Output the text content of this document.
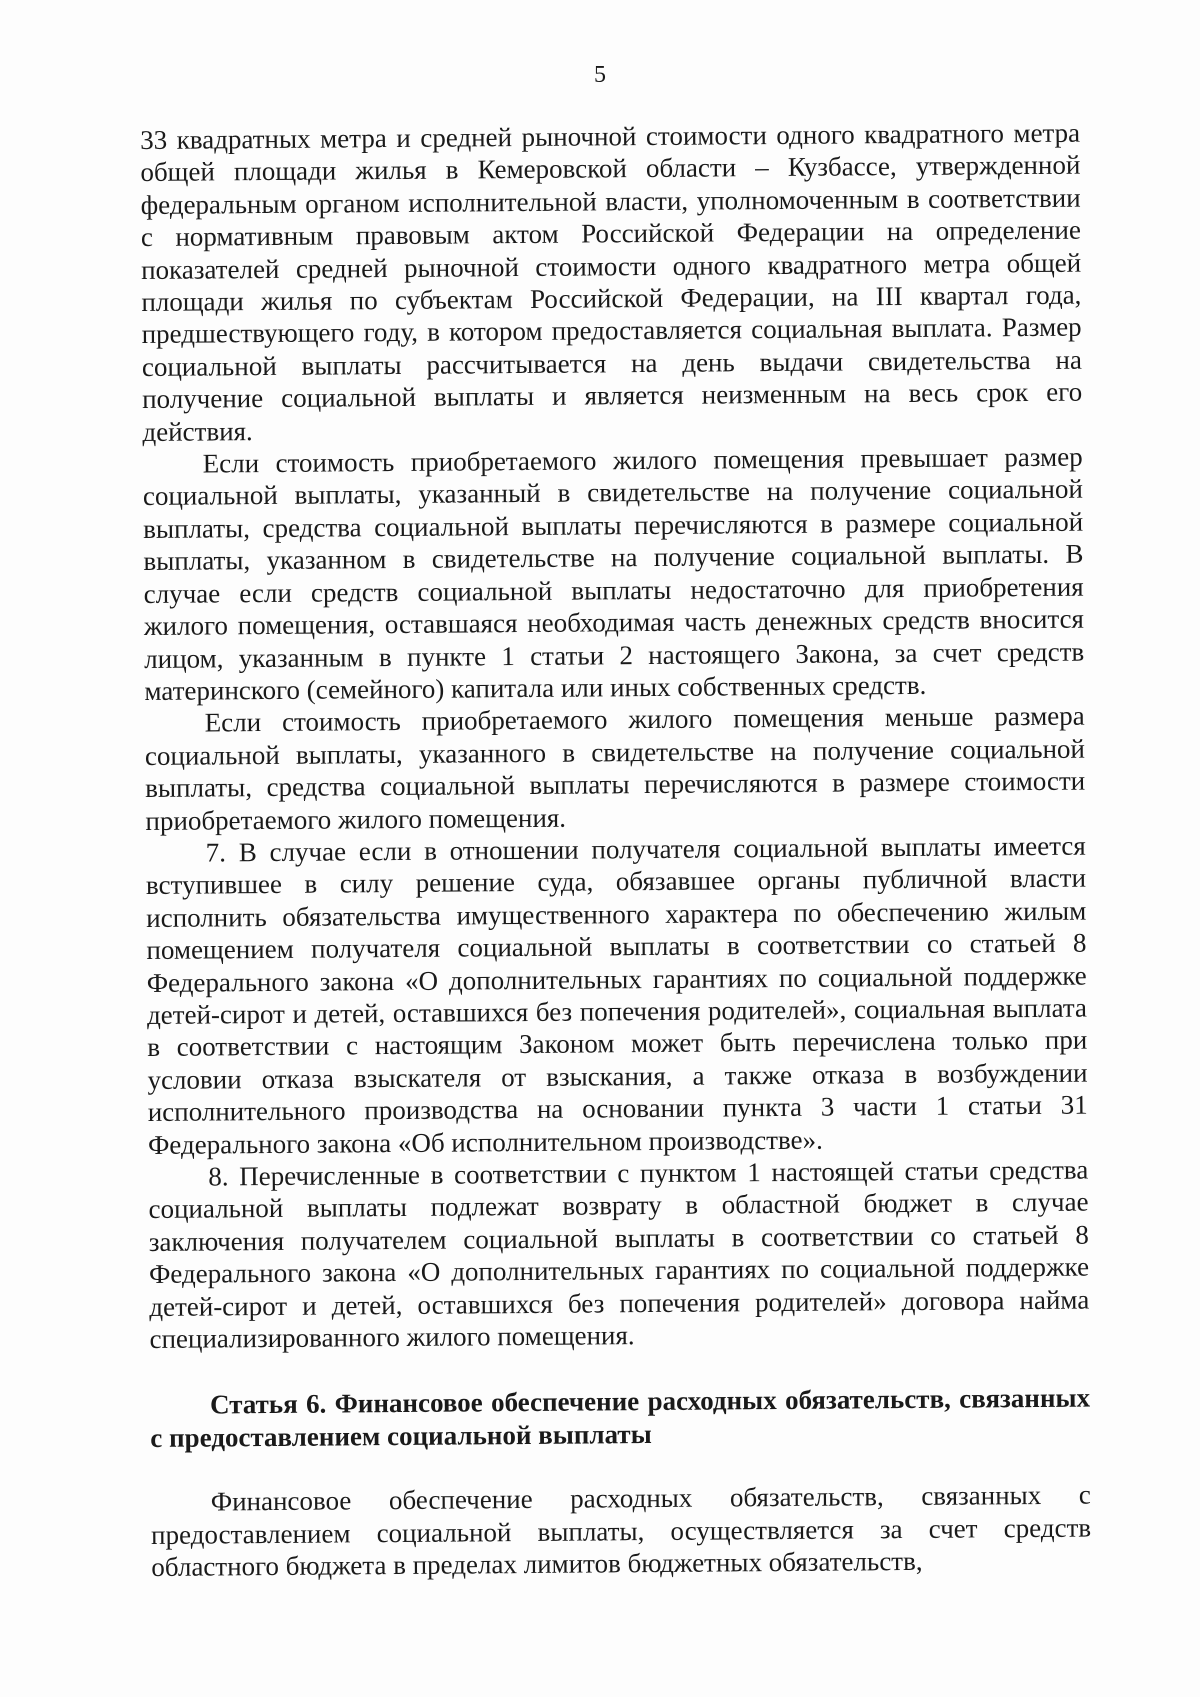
5

33 квадратных метра и средней рыночной стоимости одного квадратного метра общей площади жилья в Кемеровской области – Кузбассе, утвержденной федеральным органом исполнительной власти, уполномоченным в соответствии с нормативным правовым актом Российской Федерации на определение показателей средней рыночной стоимости одного квадратного метра общей площади жилья по субъектам Российской Федерации, на III квартал года, предшествующего году, в котором предоставляется социальная выплата. Размер социальной выплаты рассчитывается на день выдачи свидетельства на получение социальной выплаты и является неизменным на весь срок его действия.

Если стоимость приобретаемого жилого помещения превышает размер социальной выплаты, указанный в свидетельстве на получение социальной выплаты, средства социальной выплаты перечисляются в размере социальной выплаты, указанном в свидетельстве на получение социальной выплаты. В случае если средств социальной выплаты недостаточно для приобретения жилого помещения, оставшаяся необходимая часть денежных средств вносится лицом, указанным в пункте 1 статьи 2 настоящего Закона, за счет средств материнского (семейного) капитала или иных собственных средств.

Если стоимость приобретаемого жилого помещения меньше размера социальной выплаты, указанного в свидетельстве на получение социальной выплаты, средства социальной выплаты перечисляются в размере стоимости приобретаемого жилого помещения.

7. В случае если в отношении получателя социальной выплаты имеется вступившее в силу решение суда, обязавшее органы публичной власти исполнить обязательства имущественного характера по обеспечению жилым помещением получателя социальной выплаты в соответствии со статьей 8 Федерального закона «О дополнительных гарантиях по социальной поддержке детей-сирот и детей, оставшихся без попечения родителей», социальная выплата в соответствии с настоящим Законом может быть перечислена только при условии отказа взыскателя от взыскания, а также отказа в возбуждении исполнительного производства на основании пункта 3 части 1 статьи 31 Федерального закона «Об исполнительном производстве».

8. Перечисленные в соответствии с пунктом 1 настоящей статьи средства социальной выплаты подлежат возврату в областной бюджет в случае заключения получателем социальной выплаты в соответствии со статьей 8 Федерального закона «О дополнительных гарантиях по социальной поддержке детей-сирот и детей, оставшихся без попечения родителей» договора найма специализированного жилого помещения.

Статья 6. Финансовое обеспечение расходных обязательств, связанных с предоставлением социальной выплаты

Финансовое обеспечение расходных обязательств, связанных с предоставлением социальной выплаты, осуществляется за счет средств областного бюджета в пределах лимитов бюджетных обязательств,
